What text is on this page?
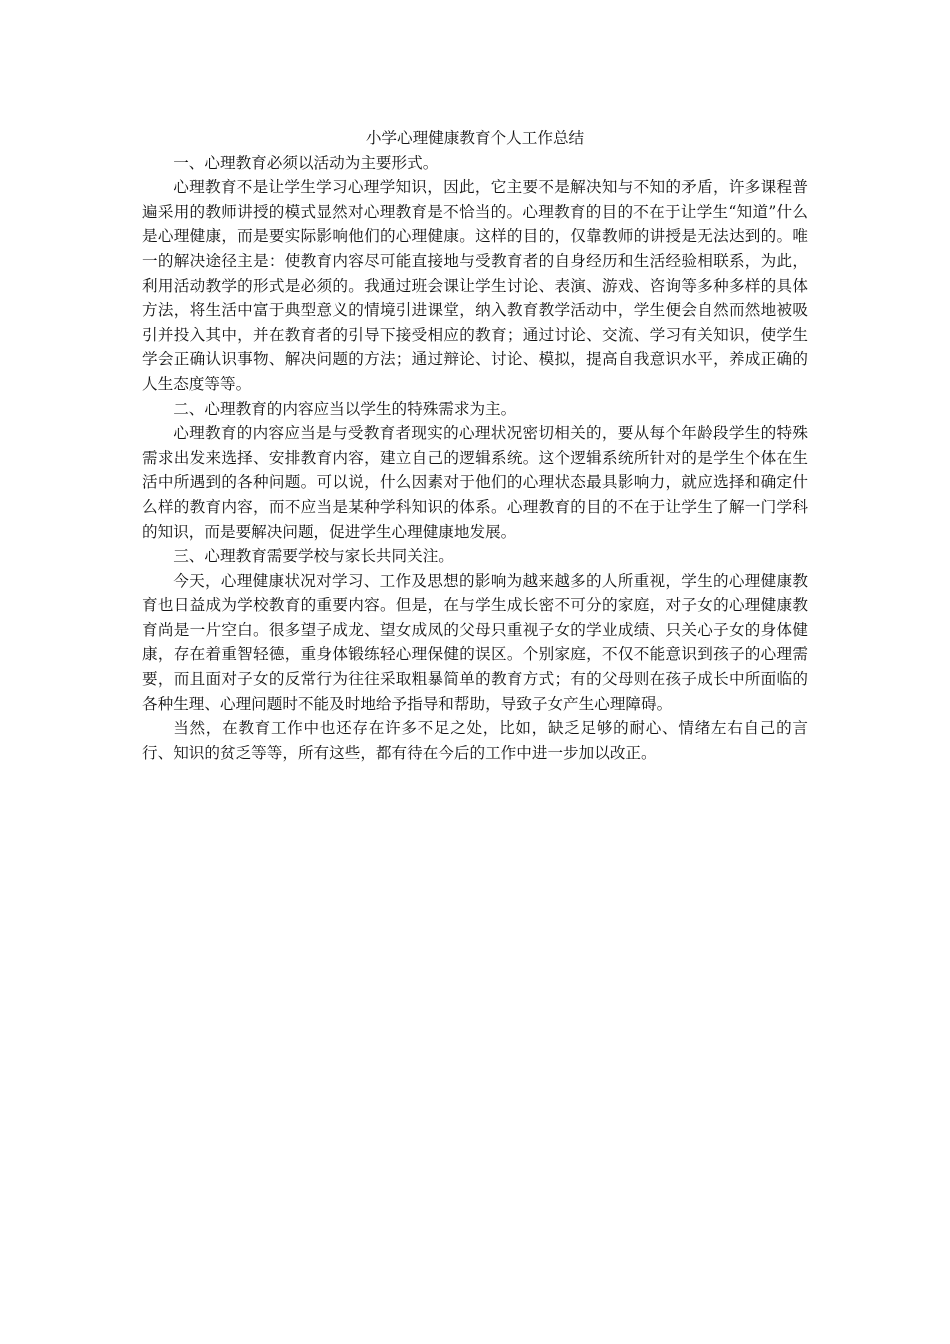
小学心理健康教育个人工作总结

一、心理教育必须以活动为主要形式。

心理教育不是让学生学习心理学知识，因此，它主要不是解决知与不知的矛盾，许多课程普遍采用的教师讲授的模式显然对心理教育是不恰当的。心理教育的目的不在于让学生“知道”什么是心理健康，而是要实际影响他们的心理健康。这样的目的，仅靠教师的讲授是无法达到的。唯一的解决途径主是：使教育内容尽可能直接地与受教育者的自身经历和生活经验相联系，为此，利用活动教学的形式是必须的。我通过班会课让学生讨论、表演、游戏、咨询等多种多样的具体方法，将生活中富于典型意义的情境引进课堂，纳入教育教学活动中，学生便会自然而然地被吸引并投入其中，并在教育者的引导下接受相应的教育；通过讨论、交流、学习有关知识，使学生学会正确认识事物、解决问题的方法；通过辩论、讨论、模拟，提高自我意识水平，养成正确的人生态度等等。

二、心理教育的内容应当以学生的特殊需求为主。

心理教育的内容应当是与受教育者现实的心理状况密切相关的，要从每个年龄段学生的特殊需求出发来选择、安排教育内容，建立自己的逻辑系统。这个逻辑系统所针对的是学生个体在生活中所遇到的各种问题。可以说，什么因素对于他们的心理状态最具影响力，就应选择和确定什么样的教育内容，而不应当是某种学科知识的体系。心理教育的目的不在于让学生了解一门学科的知识，而是要解决问题，促进学生心理健康地发展。

三、心理教育需要学校与家长共同关注。

今天，心理健康状况对学习、工作及思想的影响为越来越多的人所重视，学生的心理健康教育也日益成为学校教育的重要内容。但是，在与学生成长密不可分的家庭，对子女的心理健康教育尚是一片空白。很多望子成龙、望女成凤的父母只重视子女的学业成绩、只关心子女的身体健康，存在着重智轻德，重身体锻练轻心理保健的误区。个别家庭，不仅不能意识到孩子的心理需要，而且面对子女的反常行为往往采取粗暴简单的教育方式；有的父母则在孩子成长中所面临的各种生理、心理问题时不能及时地给予指导和帮助，导致子女产生心理障碍。

当然，在教育工作中也还存在许多不足之处，比如，缺乏足够的耐心、情绪左右自己的言行、知识的贫乏等等，所有这些，都有待在今后的工作中进一步加以改正。
